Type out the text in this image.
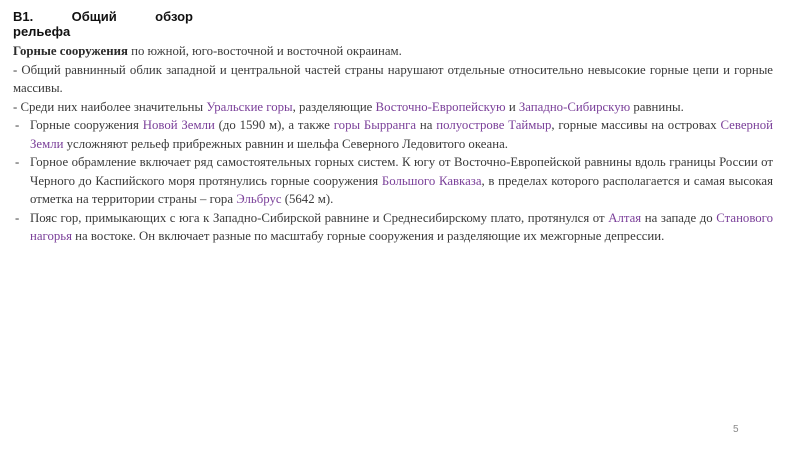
В1. Общий обзор
рельефа

Горные сооружения по южной, юго-восточной и восточной окраинам.

- Общий равнинный облик западной и центральной частей страны нарушают отдельные относительно невысокие горные цепи и горные массивы.

- Среди них наиболее значительны Уральские горы, разделяющие Восточно-Европейскую и Западно-Сибирскую равнины.

- Горные сооружения Новой Земли (до 1590 м), а также горы Бырранга на полуострове Таймыр, горные массивы на островах Северной Земли усложняют рельеф прибрежных равнин и шельфа Северного Ледовитого океана.
- Горное обрамление включает ряд самостоятельных горных систем. К югу от Восточно-Европейской равнины вдоль границы России от Черного до Каспийского моря протянулись горные сооружения Большого Кавказа, в пределах которого располагается и самая высокая отметка на территории страны – гора Эльбрус (5642 м).
- Пояс гор, примыкающих с юга к Западно-Сибирской равнине и Среднесибирскому плато, протянулся от Алтая на западе до Станового нагорья на востоке. Он включает разные по масштабу горные сооружения и разделяющие их межгорные депрессии.
5
